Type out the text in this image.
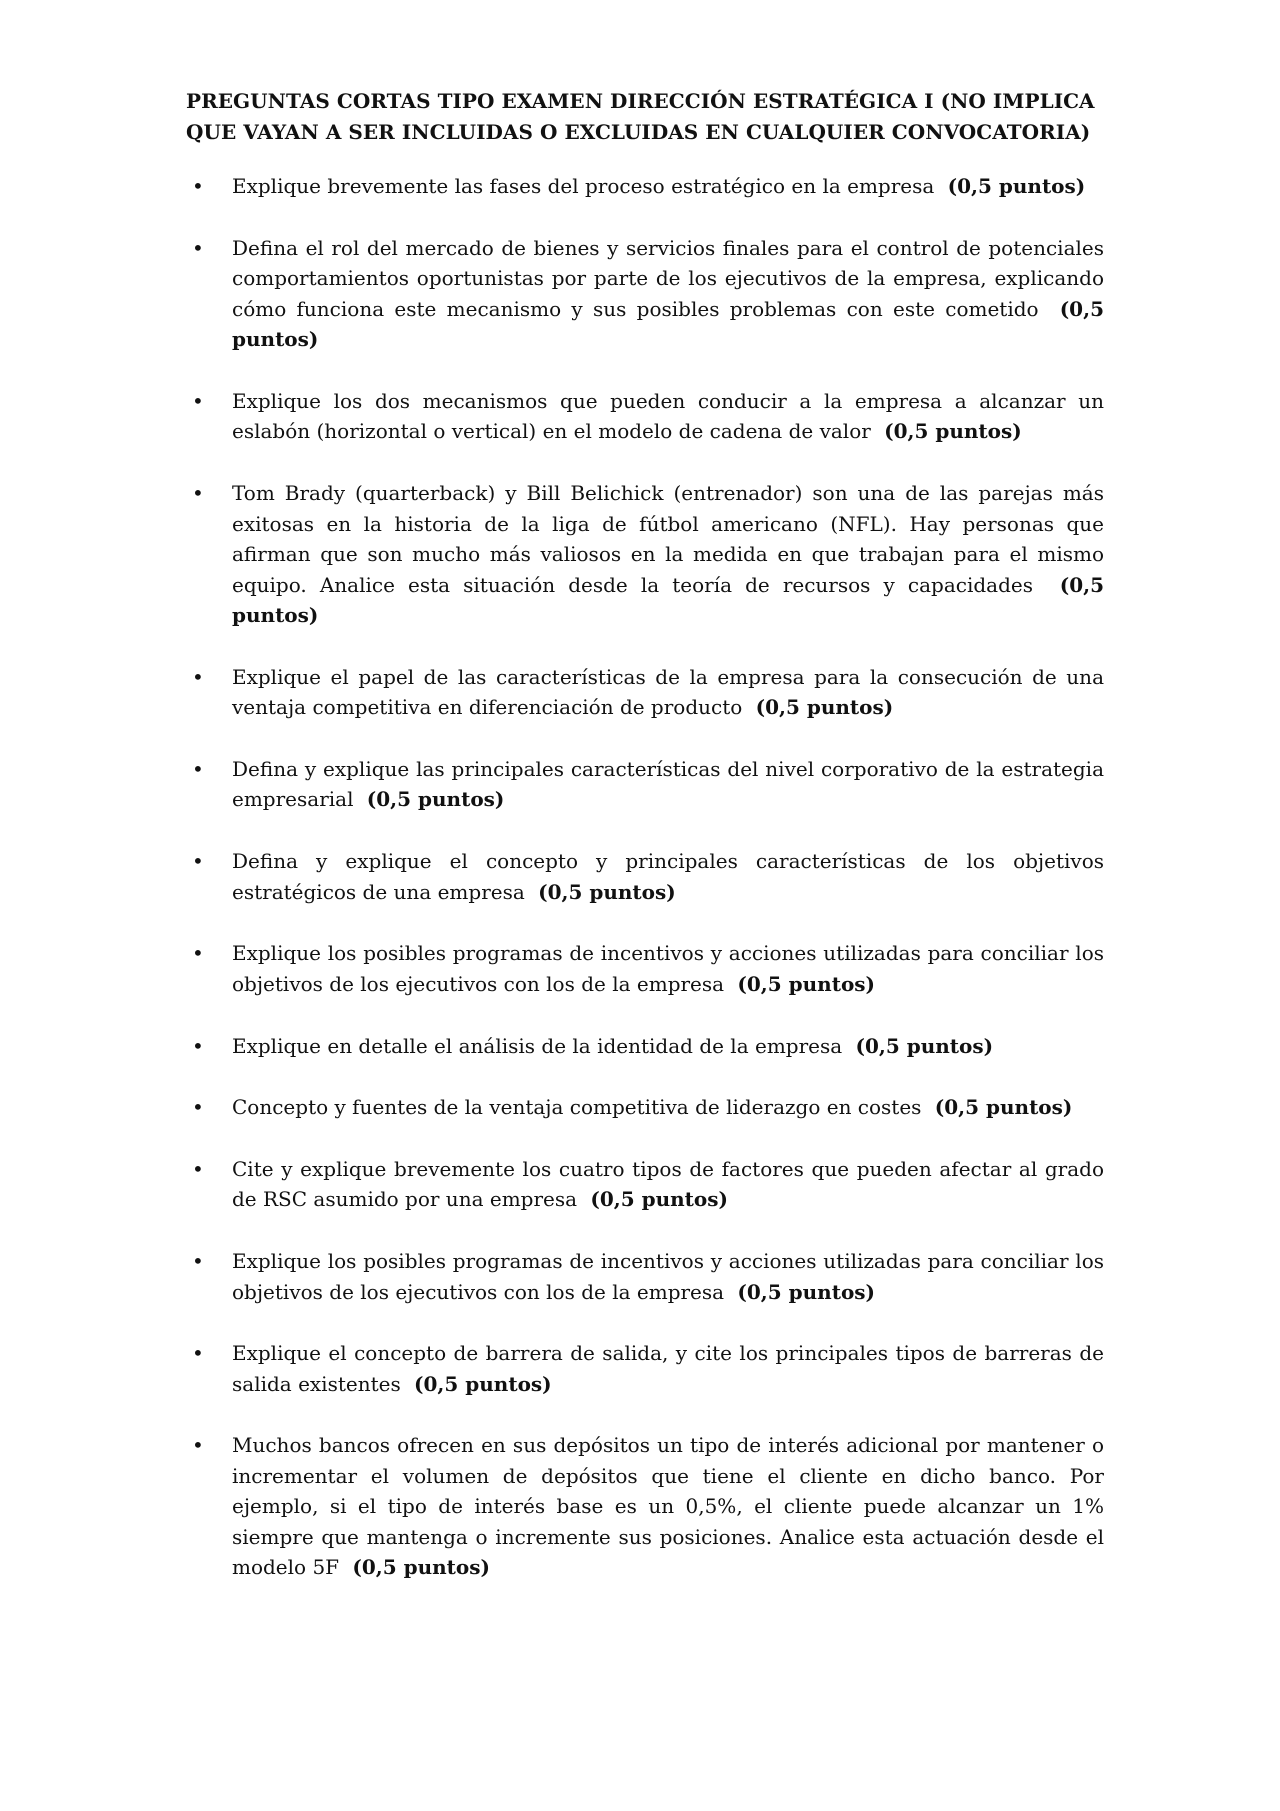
PREGUNTAS CORTAS TIPO EXAMEN DIRECCIÓN ESTRATÉGICA I (NO IMPLICA
QUE VAYAN A SER INCLUIDAS O EXCLUIDAS EN CUALQUIER CONVOCATORIA)
• Explique brevemente las fases del proceso estratégico en la empresa  (0,5 puntos)
• Defina el rol del mercado de bienes y servicios finales para el control de potenciales comportamientos oportunistas por parte de los ejecutivos de la empresa, explicando cómo funciona este mecanismo y sus posibles problemas con este cometido  (0,5 puntos)
• Explique los dos mecanismos que pueden conducir a la empresa a alcanzar un eslabón (horizontal o vertical) en el modelo de cadena de valor  (0,5 puntos)
• Tom Brady (quarterback) y Bill Belichick (entrenador) son una de las parejas más exitosas en la historia de la liga de fútbol americano (NFL). Hay personas que afirman que son mucho más valiosos en la medida en que trabajan para el mismo equipo. Analice esta situación desde la teoría de recursos y capacidades  (0,5 puntos)
• Explique el papel de las características de la empresa para la consecución de una ventaja competitiva en diferenciación de producto  (0,5 puntos)
• Defina y explique las principales características del nivel corporativo de la estrategia empresarial  (0,5 puntos)
• Defina y explique el concepto y principales características de los objetivos estratégicos de una empresa  (0,5 puntos)
• Explique los posibles programas de incentivos y acciones utilizadas para conciliar los objetivos de los ejecutivos con los de la empresa  (0,5 puntos)
• Explique en detalle el análisis de la identidad de la empresa  (0,5 puntos)
• Concepto y fuentes de la ventaja competitiva de liderazgo en costes  (0,5 puntos)
• Cite y explique brevemente los cuatro tipos de factores que pueden afectar al grado de RSC asumido por una empresa  (0,5 puntos)
• Explique los posibles programas de incentivos y acciones utilizadas para conciliar los objetivos de los ejecutivos con los de la empresa  (0,5 puntos)
• Explique el concepto de barrera de salida, y cite los principales tipos de barreras de salida existentes  (0,5 puntos)
• Muchos bancos ofrecen en sus depósitos un tipo de interés adicional por mantener o incrementar el volumen de depósitos que tiene el cliente en dicho banco. Por ejemplo, si el tipo de interés base es un 0,5%, el cliente puede alcanzar un 1% siempre que mantenga o incremente sus posiciones. Analice esta actuación desde el modelo 5F  (0,5 puntos)
